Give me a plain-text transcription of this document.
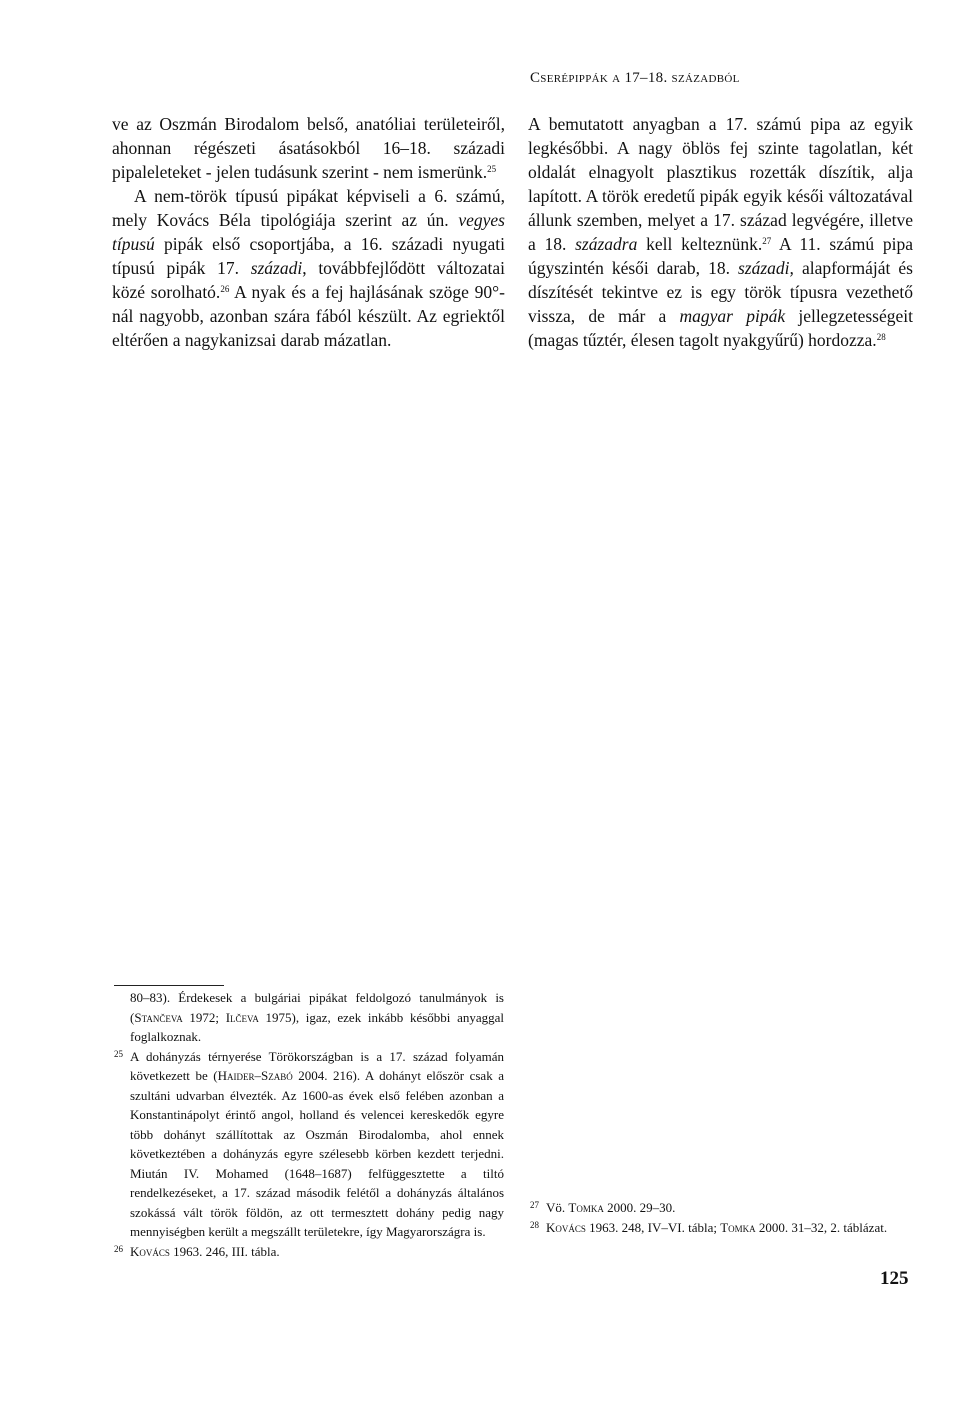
Cserépippák a 17–18. századból

ve az Oszmán Birodalom belső, anatóliai területeiről, ahonnan régészeti ásatásokból 16–18. századi pipaleleteket - jelen tudásunk szerint - nem ismerünk.$^{25}$

A nem-török típusú pipákat képviseli a 6. számú, mely Kovács Béla tipológiája szerint az ún. vegyes típusú pipák első csoportjába, a 16. századi nyugati típusú pipák 17. századi, továbbfejlődött változatai közé sorolható.$^{26}$ A nyak és a fej hajlásának szöge 90°-nál nagyobb, azonban szára fából készült. Az egriektől eltérően a nagykanizsai darab mázatlan.

A bemutatott anyagban a 17. számú pipa az egyik legkésőbbi. A nagy öblös fej szinte tagolatlan, két oldalát elnagyolt plasztikus rozetták díszítik, alja lapított. A török eredetű pipák egyik késői változatával állunk szemben, melyet a 17. század legvégére, illetve a 18. századra kell kelteznünk.$^{27}$ A 11. számú pipa úgyszintén késői darab, 18. századi, alapformáját és díszítését tekintve ez is egy török típusra vezethető vissza, de már a magyar pipák jellegzetességeit (magas tűztér, élesen tagolt nyakgyűrű) hordozza.$^{28}$

80–83). Érdekesek a bulgáriai pipákat feldolgozó tanulmányok is (Stančeva 1972; Ilčeva 1975), igaz, ezek inkább későbbi anyaggal foglalkoznak.

25 A dohányzás térnyerése Törökországban is a 17. század folyamán következett be (Haider–Szabó 2004. 216). A dohányt először csak a szultáni udvarban élvezték. Az 1600-as évek első felében azonban a Konstantinápolyt érintő angol, holland és velencei kereskedők egyre több dohányt szállítottak az Oszmán Birodalomba, ahol ennek következtében a dohányzás egyre szélesebb körben kezdett terjedni. Miután IV. Mohamed (1648–1687) felfüggesztette a tiltó rendelkezéseket, a 17. század második felétől a dohányzás általános szokássá vált török földön, az ott termesztett dohány pedig nagy mennyiségben került a megszállt területekre, így Magyarországra is.

26 Kovács 1963. 246, III. tábla.

27 Vö. Tomka 2000. 29–30.

28 Kovács 1963. 248, IV–VI. tábla; Tomka 2000. 31–32, 2. táblázat.

125
